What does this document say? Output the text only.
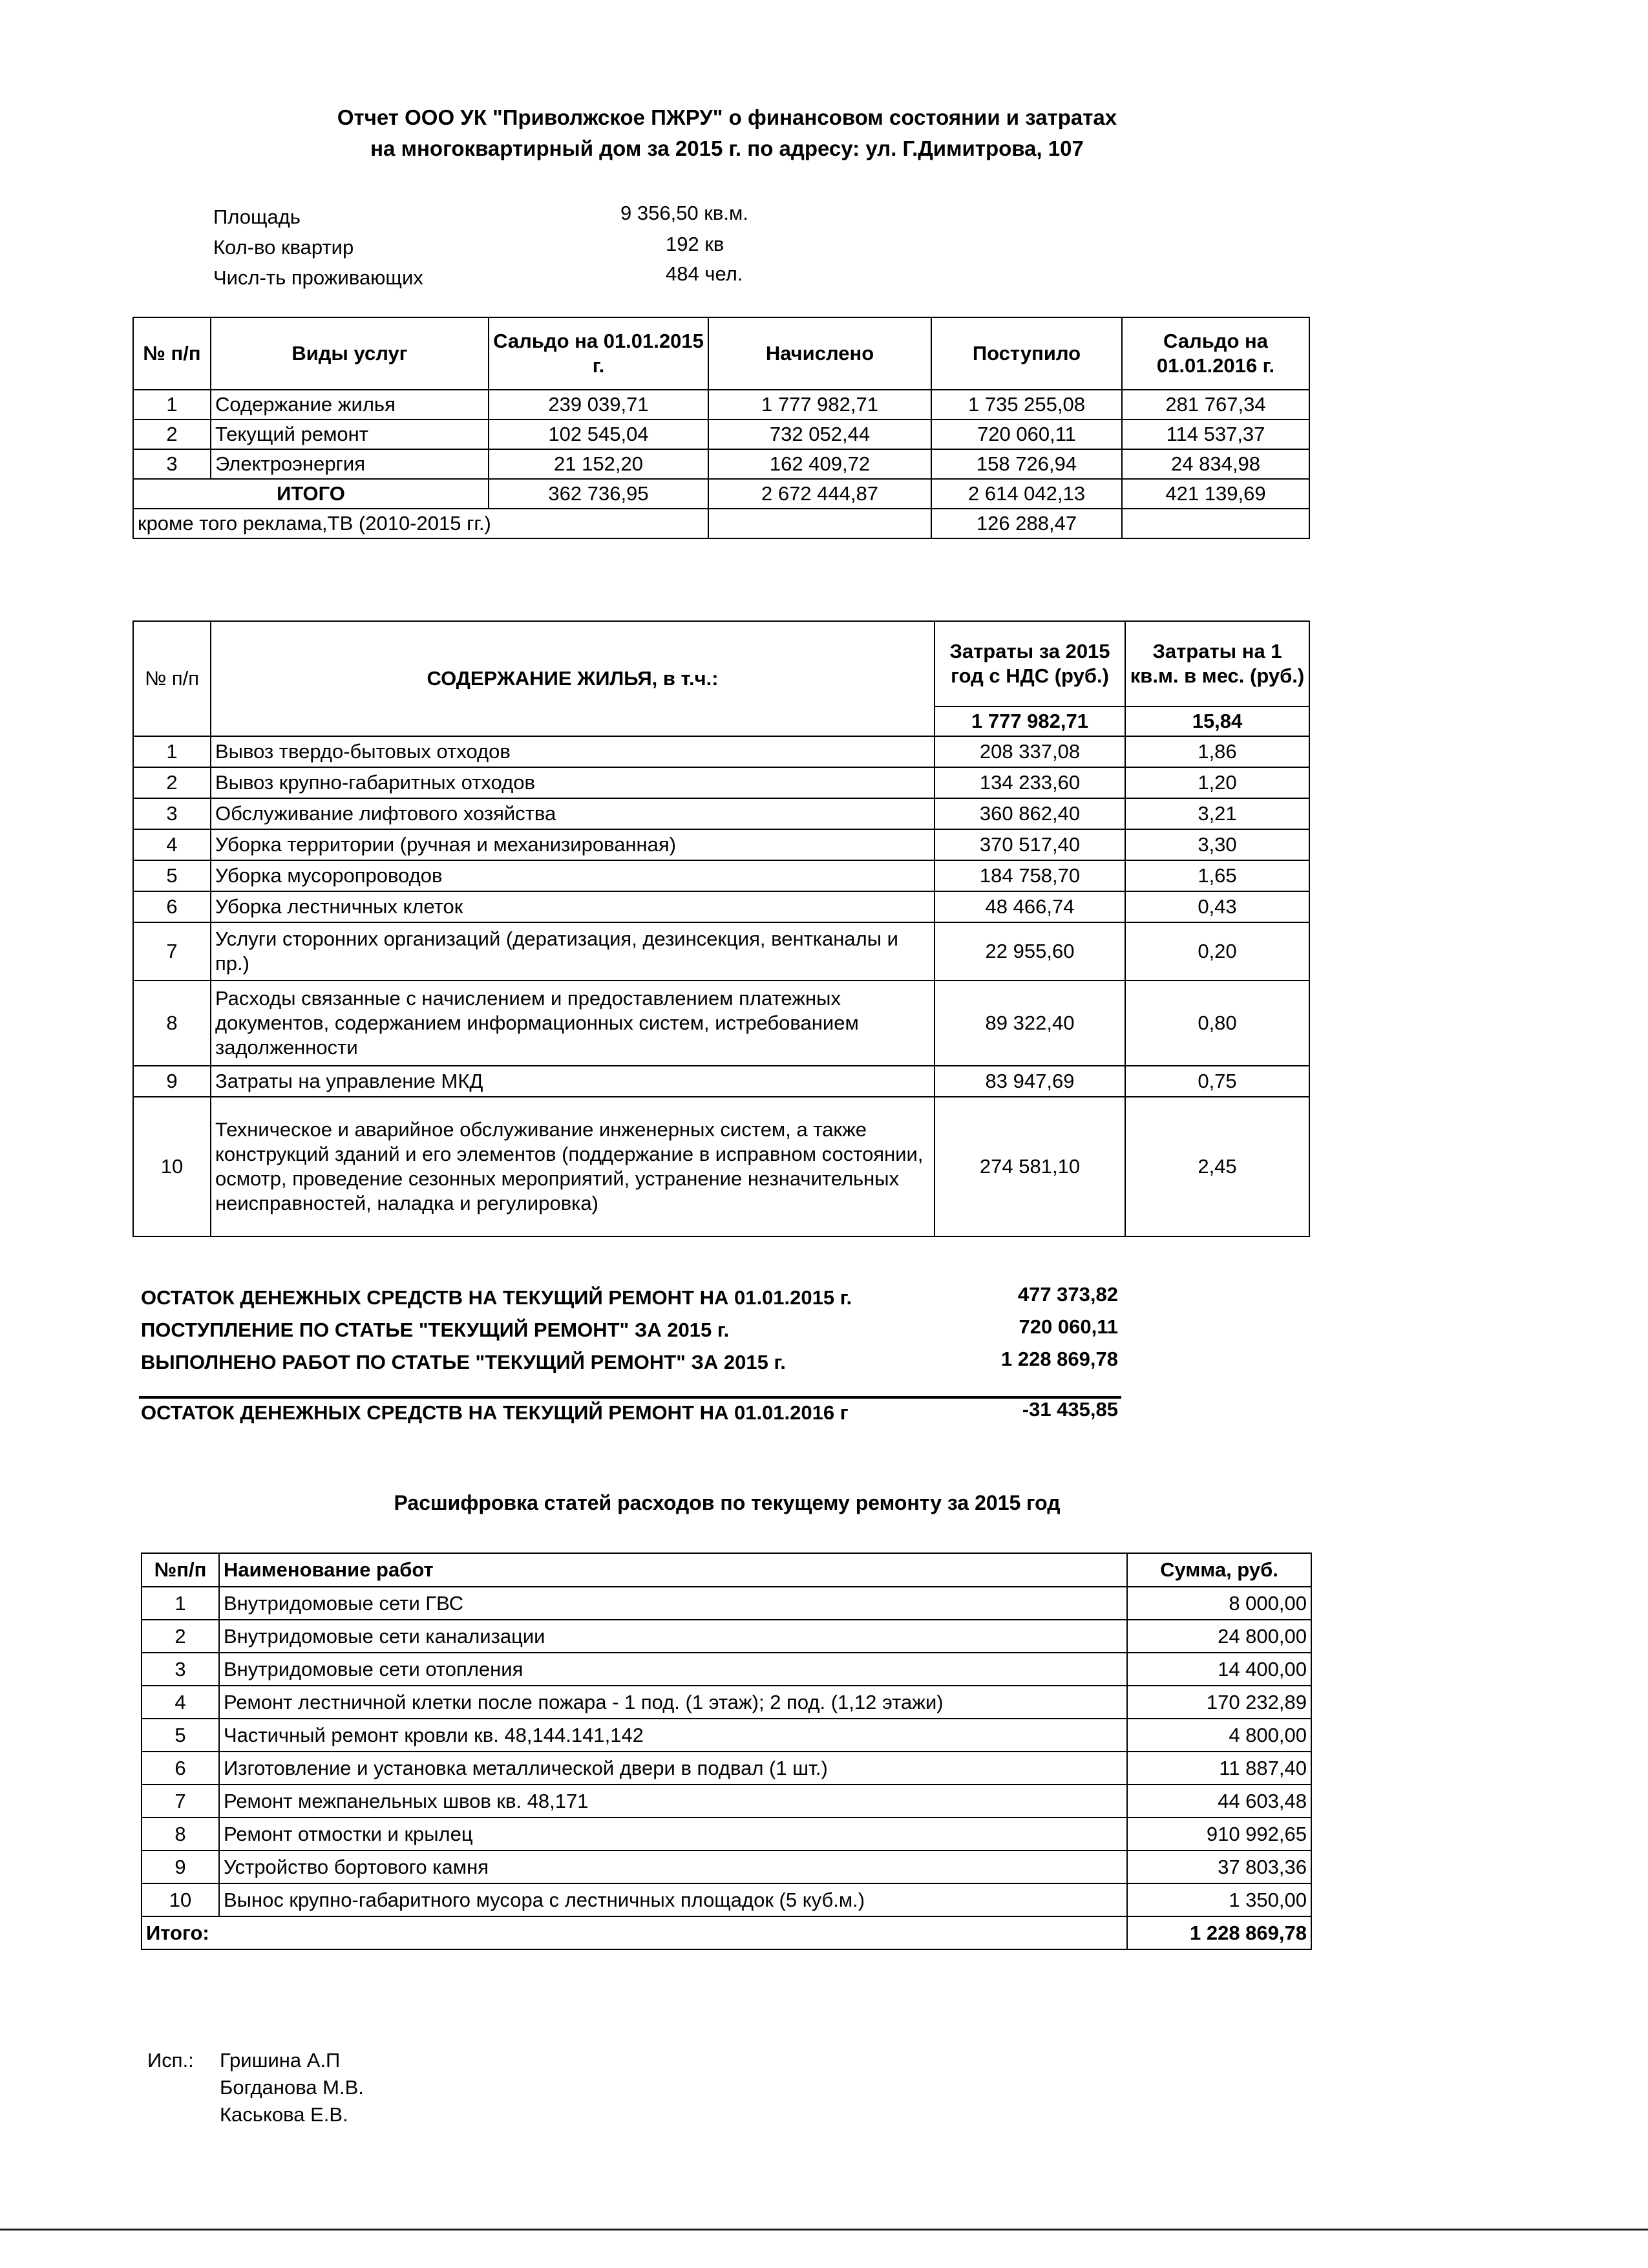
Отчет ООО УК "Приволжское ПЖРУ" о финансовом состоянии и затратах
на многоквартирный дом за 2015 г. по адресу: ул. Г.Димитрова, 107
Площадь	9 356,50 кв.м.
Кол-во квартир	192 кв
Числ-ть проживающих	484 чел.
№ п/п	Виды услуг	Сальдо на 01.01.2015 г.	Начислено	Поступило	Сальдо на 01.01.2016 г.
1	Содержание жилья	239 039,71	1 777 982,71	1 735 255,08	281 767,34
2	Текущий ремонт	102 545,04	732 052,44	720 060,11	114 537,37
3	Электроэнергия	21 152,20	162 409,72	158 726,94	24 834,98
ИТОГО		362 736,95	2 672 444,87	2 614 042,13	421 139,69
кроме того реклама,ТВ (2010-2015 гг.)				126 288,47	
№ п/п	СОДЕРЖАНИЕ ЖИЛЬЯ, в т.ч.:	Затраты за 2015 год с НДС (руб.)	Затраты на 1 кв.м. в мес. (руб.)
		1 777 982,71	15,84
1	Вывоз твердо-бытовых отходов	208 337,08	1,86
2	Вывоз крупно-габаритных отходов	134 233,60	1,20
3	Обслуживание лифтового хозяйства	360 862,40	3,21
4	Уборка территории (ручная и механизированная)	370 517,40	3,30
5	Уборка мусоропроводов	184 758,70	1,65
6	Уборка лестничных клеток	48 466,74	0,43
7	Услуги сторонних организаций (дератизация, дезинсекция, вентканалы и пр.)	22 955,60	0,20
8	Расходы связанные с начислением и предоставлением платежных документов, содержанием информационных систем, истребованием задолженности	89 322,40	0,80
9	Затраты на управление МКД	83 947,69	0,75
10	Техническое и аварийное обслуживание инженерных систем, а также конструкций зданий и его элементов (поддержание в исправном состоянии, осмотр, проведение сезонных мероприятий, устранение незначительных неисправностей, наладка и регулировка)	274 581,10	2,45
ОСТАТОК ДЕНЕЖНЫХ СРЕДСТВ НА ТЕКУЩИЙ РЕМОНТ НА 01.01.2015 г.	477 373,82
ПОСТУПЛЕНИЕ ПО СТАТЬЕ "ТЕКУЩИЙ РЕМОНТ" ЗА 2015 г.	720 060,11
ВЫПОЛНЕНО РАБОТ ПО СТАТЬЕ "ТЕКУЩИЙ РЕМОНТ" ЗА 2015 г.	1 228 869,78
ОСТАТОК ДЕНЕЖНЫХ СРЕДСТВ НА ТЕКУЩИЙ РЕМОНТ НА 01.01.2016 г	-31 435,85
Расшифровка статей расходов по текущему ремонту за 2015 год
№п/п	Наименование работ	Сумма, руб.
1	Внутридомовые сети ГВС	8 000,00
2	Внутридомовые сети канализации	24 800,00
3	Внутридомовые сети отопления	14 400,00
4	Ремонт лестничной клетки после пожара - 1 под. (1 этаж); 2 под. (1,12 этажи)	170 232,89
5	Частичный ремонт кровли кв. 48,144.141,142	4 800,00
6	Изготовление и установка металлической двери в подвал (1 шт.)	11 887,40
7	Ремонт межпанельных швов кв. 48,171	44 603,48
8	Ремонт отмостки и крылец	910 992,65
9	Устройство бортового камня	37 803,36
10	Вынос крупно-габаритного мусора с лестничных площадок (5 куб.м.)	1 350,00
Итого:		1 228 869,78
Исп.: Гришина А.П
Богданова М.В.
Каськова Е.В.
